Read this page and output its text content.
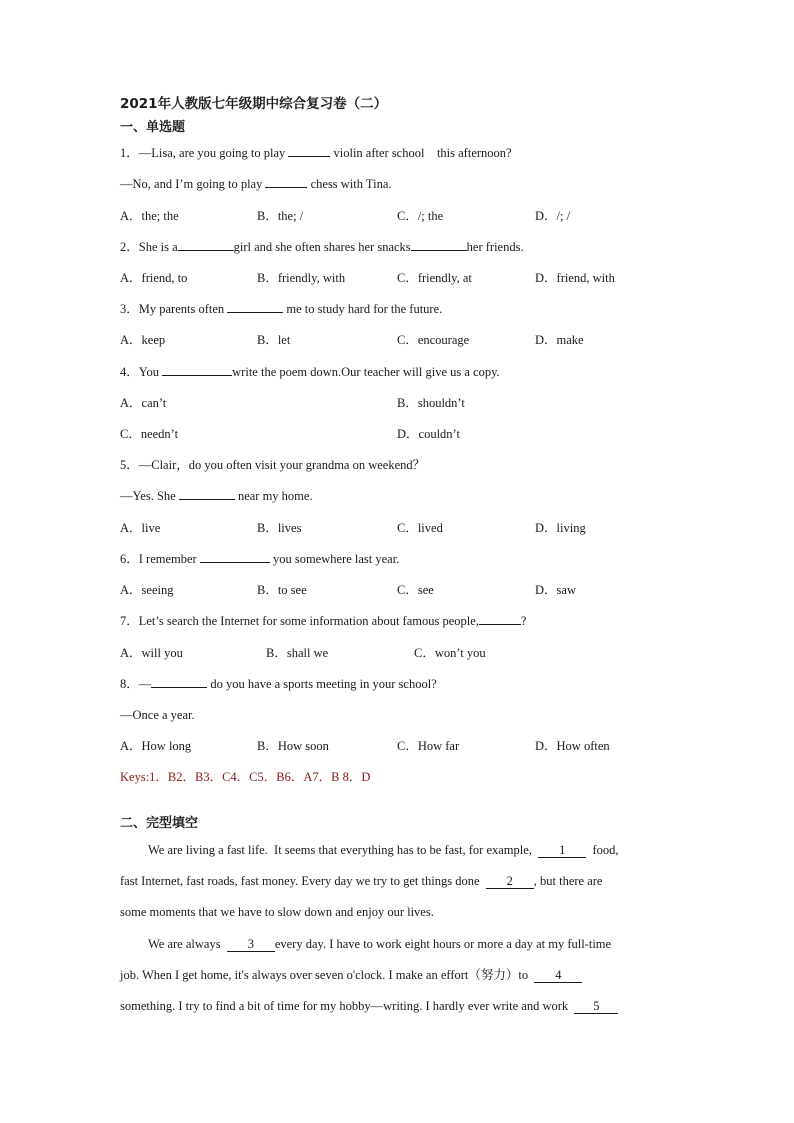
2021年人教版七年级期中综合复习卷（二）
一、单选题
1．—Lisa, are you going to play	violin after school    this afternoon?
—No, and I’m going to play	chess with Tina.
A．the; the	B．the; /	C．/; the	D．/; /
2．She is a	girl and she often shares her snacks	her friends.
A．friend, to	B．friendly, with	C．friendly, at	D．friend, with
3．My parents often	me to study hard for the future.
A．keep	B．let	C．encourage	D．make
4．You	write the poem down.Our teacher will give us a copy.
A．can’t	B．shouldn’t
C．needn’t	D．couldn’t
5．—Clair，do you often visit your grandma on weekend？
—Yes. She	near my home.
A．live	B．lives	C．lived	D．living
6．I remember	you somewhere last year.
A．seeing	B．to see	C．see	D．saw
7．Let’s search the Internet for some information about famous people,	?
A．will you	B．shall we	C．won’t you
8．—	do you have a sports meeting in your school?
—Once a year.
A．How long	B．How soon	C．How far	D．How often
Keys:1．B2．B3．C4．C5．B6．A7．B 8．D
二、完型填空
We are living a fast life.  It seems that everything has to be fast, for example,  1  food,
fast Internet, fast roads, fast money. Every day we try to get things done  2 , but there are
some moments that we have to slow down and enjoy our lives.
We are always  3 every day. I have to work eight hours or more a day at my full-time
job. When I get home, it's always over seven o'clock. I make an effort（努力）to  4
something. I try to find a bit of time for my hobby—writing. I hardly ever write and work  5
